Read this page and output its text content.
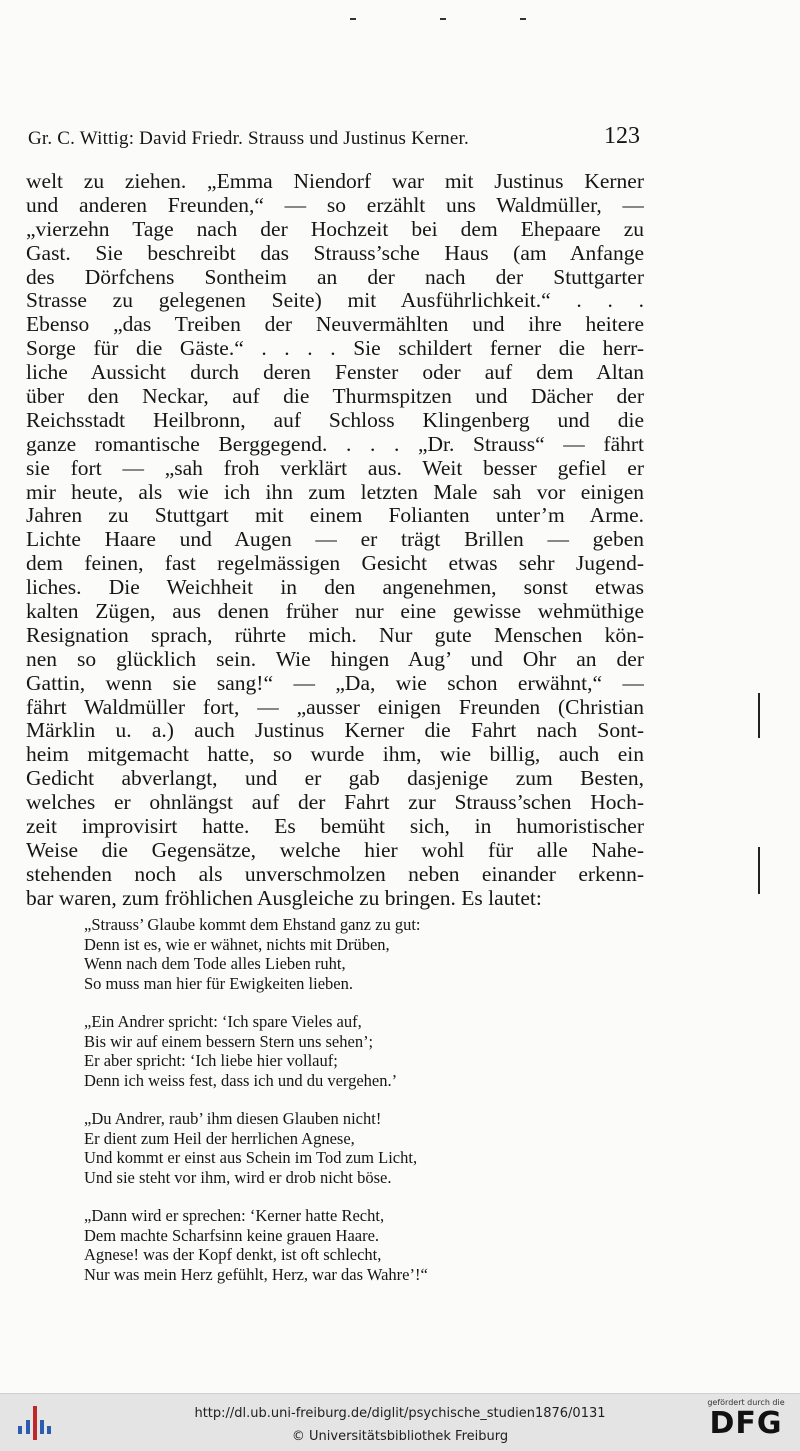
Gr. C. Wittig: David Friedr. Strauss und Justinus Kerner.	123
welt zu ziehen. „Emma Niendorf war mit Justinus Kerner
und anderen Freunden,“ — so erzählt uns Waldmüller, —
„vierzehn Tage nach der Hochzeit bei dem Ehepaare zu
Gast. Sie beschreibt das Strauss’sche Haus (am Anfange
des Dörfchens Sontheim an der nach der Stuttgarter
Strasse zu gelegenen Seite) mit Ausführlichkeit.“ . . .
Ebenso „das Treiben der Neuvermählten und ihre heitere
Sorge für die Gäste.“ . . . . Sie schildert ferner die herr-
liche Aussicht durch deren Fenster oder auf dem Altan
über den Neckar, auf die Thurmspitzen und Dächer der
Reichsstadt Heilbronn, auf Schloss Klingenberg und die
ganze romantische Berggegend. . . . „Dr. Strauss“ — fährt
sie fort — „sah froh verklärt aus. Weit besser gefiel er
mir heute, als wie ich ihn zum letzten Male sah vor einigen
Jahren zu Stuttgart mit einem Folianten unter’m Arme.
Lichte Haare und Augen — er trägt Brillen — geben
dem feinen, fast regelmässigen Gesicht etwas sehr Jugend-
liches. Die Weichheit in den angenehmen, sonst etwas
kalten Zügen, aus denen früher nur eine gewisse wehmüthige
Resignation sprach, rührte mich. Nur gute Menschen kön-
nen so glücklich sein. Wie hingen Aug’ und Ohr an der
Gattin, wenn sie sang!“ — „Da, wie schon erwähnt,“ —
fährt Waldmüller fort, — „ausser einigen Freunden (Christian
Märklin u. a.) auch Justinus Kerner die Fahrt nach Sont-
heim mitgemacht hatte, so wurde ihm, wie billig, auch ein
Gedicht abverlangt, und er gab dasjenige zum Besten,
welches er ohnlängst auf der Fahrt zur Strauss’schen Hoch-
zeit improvisirt hatte. Es bemüht sich, in humoristischer
Weise die Gegensätze, welche hier wohl für alle Nahe-
stehenden noch als unverschmolzen neben einander erkenn-
bar waren, zum fröhlichen Ausgleiche zu bringen. Es lautet:
„Strauss’ Glaube kommt dem Ehstand ganz zu gut:
Denn ist es, wie er wähnet, nichts mit Drüben,
Wenn nach dem Tode alles Lieben ruht,
So muss man hier für Ewigkeiten lieben.
„Ein Andrer spricht: ‘Ich spare Vieles auf,
Bis wir auf einem bessern Stern uns sehen’;
Er aber spricht: ‘Ich liebe hier vollauf;
Denn ich weiss fest, dass ich und du vergehen.’
„Du Andrer, raub’ ihm diesen Glauben nicht!
Er dient zum Heil der herrlichen Agnese,
Und kommt er einst aus Schein im Tod zum Licht,
Und sie steht vor ihm, wird er drob nicht böse.
„Dann wird er sprechen: ‘Kerner hatte Recht,
Dem machte Scharfsinn keine grauen Haare.
Agnese! was der Kopf denkt, ist oft schlecht,
Nur was mein Herz gefühlt, Herz, war das Wahre’!“
http://dl.ub.uni-freiburg.de/diglit/psychische_studien1876/0131
© Universitätsbibliothek Freiburg
gefördert durch die
DFG
